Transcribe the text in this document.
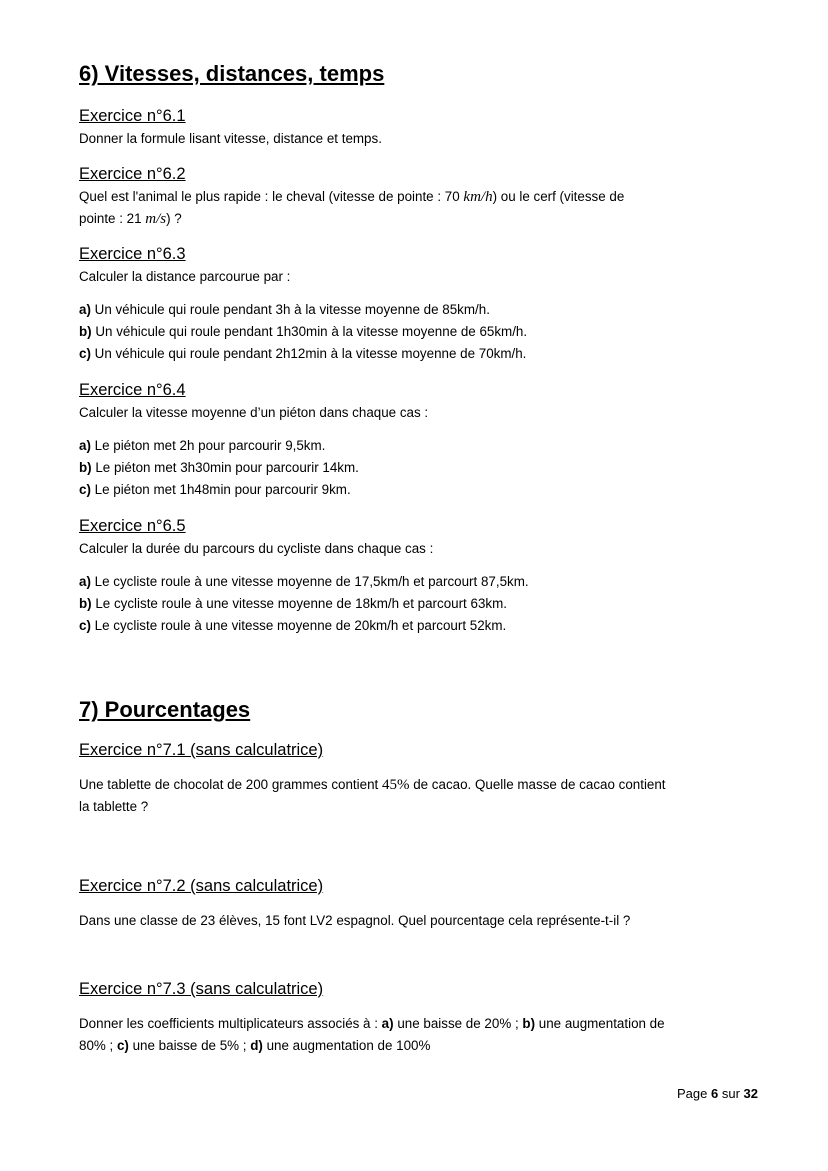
6) Vitesses, distances, temps
Exercice n°6.1
Donner la formule lisant vitesse, distance et temps.
Exercice n°6.2
Quel est l'animal le plus rapide : le cheval (vitesse de pointe : 70 km/h) ou le cerf (vitesse de
pointe : 21 m/s) ?
Exercice n°6.3
Calculer la distance parcourue par :
a) Un véhicule qui roule pendant 3h à la vitesse moyenne de 85km/h.
b) Un véhicule qui roule pendant 1h30min à la vitesse moyenne de 65km/h.
c) Un véhicule qui roule pendant 2h12min à la vitesse moyenne de 70km/h.
Exercice n°6.4
Calculer la vitesse moyenne d’un piéton dans chaque cas :
a) Le piéton met 2h pour parcourir 9,5km.
b) Le piéton met 3h30min pour parcourir 14km.
c) Le piéton met 1h48min pour parcourir 9km.
Exercice n°6.5
Calculer la durée du parcours du cycliste dans chaque cas :
a) Le cycliste roule à une vitesse moyenne de 17,5km/h et parcourt 87,5km.
b) Le cycliste roule à une vitesse moyenne de 18km/h et parcourt 63km.
c) Le cycliste roule à une vitesse moyenne de 20km/h et parcourt 52km.
7) Pourcentages
Exercice n°7.1 (sans calculatrice)
Une tablette de chocolat de 200 grammes contient 45% de cacao. Quelle masse de cacao contient
la tablette ?
Exercice n°7.2 (sans calculatrice)
Dans une classe de 23 élèves, 15 font LV2 espagnol. Quel pourcentage cela représente-t-il ?
Exercice n°7.3 (sans calculatrice)
Donner les coefficients multiplicateurs associés à : a) une baisse de 20% ; b) une augmentation de
80% ; c) une baisse de 5% ; d) une augmentation de 100%
Page 6 sur 32
